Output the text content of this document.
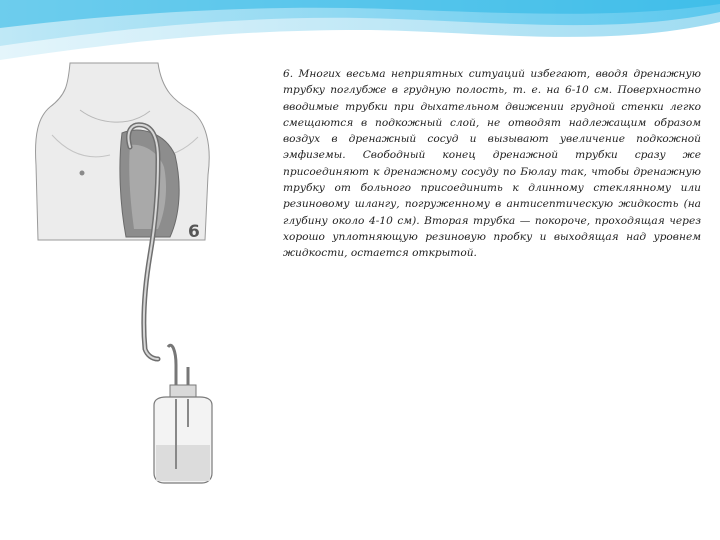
6

6. Многих весьма неприятных ситуаций избегают, вводя дренажную трубку поглубже в грудную полость, т. е. на 6-10 см. Поверхностно вводимые трубки при дыхательном движении грудной стенки легко смещаются в подкожный слой, не отводят надлежащим образом воздух в дренажный сосуд и вызывают увеличение подкожной эмфиземы. Свободный конец дренажной трубки сразу же присоединяют к дренажному сосуду по Бюлау так, чтобы дренажную трубку от больного присоединить к длинному стеклянному или резиновому шлангу, погруженному в антисептическую жидкость (на глубину около 4-10 см). Вторая трубка — покороче, проходящая через хорошо уплотняющую резиновую пробку и выходящая над уровнем жидкости, остается открытой.
